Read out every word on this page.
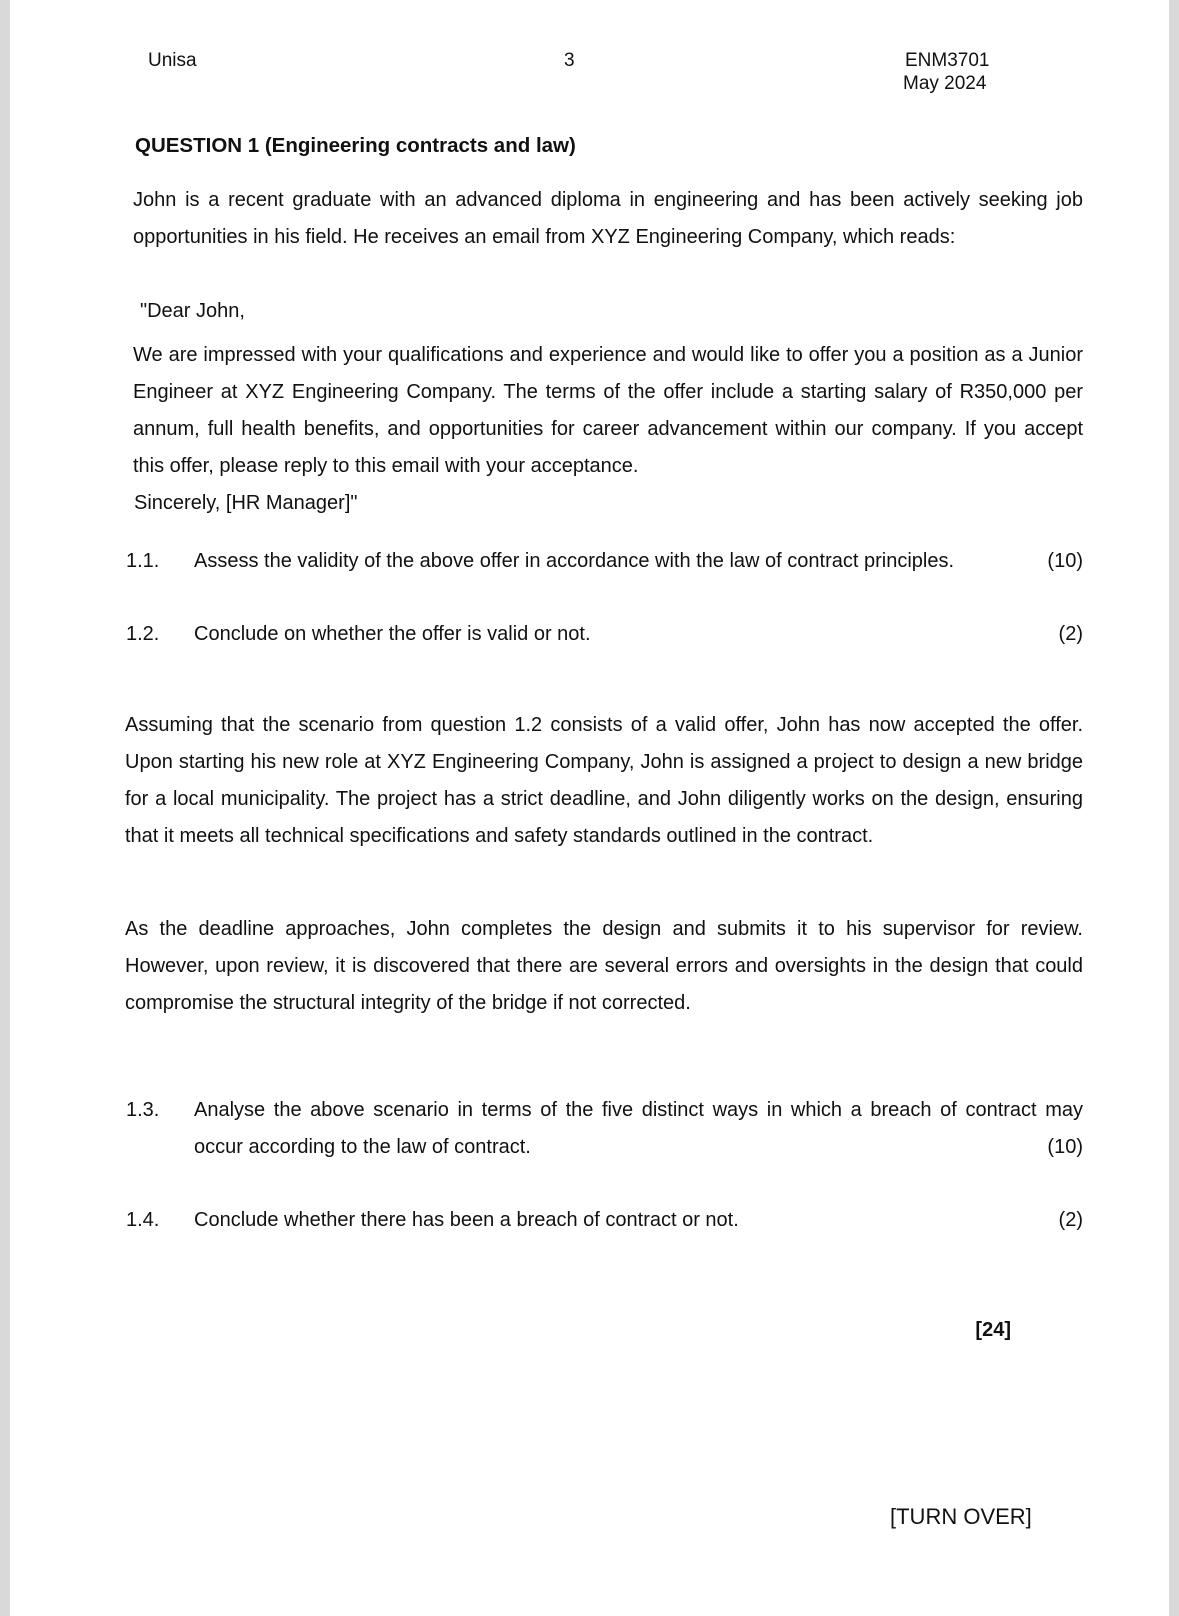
Unisa	3	ENM3701
May 2024
QUESTION 1 (Engineering contracts and law)
John is a recent graduate with an advanced diploma in engineering and has been actively seeking job opportunities in his field. He receives an email from XYZ Engineering Company, which reads:
"Dear John,
We are impressed with your qualifications and experience and would like to offer you a position as a Junior Engineer at XYZ Engineering Company. The terms of the offer include a starting salary of R350,000 per annum, full health benefits, and opportunities for career advancement within our company. If you accept this offer, please reply to this email with your acceptance.
Sincerely, [HR Manager]"
1.1. Assess the validity of the above offer in accordance with the law of contract principles.	(10)
1.2. Conclude on whether the offer is valid or not.	(2)
Assuming that the scenario from question 1.2 consists of a valid offer, John has now accepted the offer. Upon starting his new role at XYZ Engineering Company, John is assigned a project to design a new bridge for a local municipality. The project has a strict deadline, and John diligently works on the design, ensuring that it meets all technical specifications and safety standards outlined in the contract.
As the deadline approaches, John completes the design and submits it to his supervisor for review. However, upon review, it is discovered that there are several errors and oversights in the design that could compromise the structural integrity of the bridge if not corrected.
1.3. Analyse the above scenario in terms of the five distinct ways in which a breach of contract may occur according to the law of contract.	(10)
1.4. Conclude whether there has been a breach of contract or not.	(2)
[24]
[TURN OVER]
